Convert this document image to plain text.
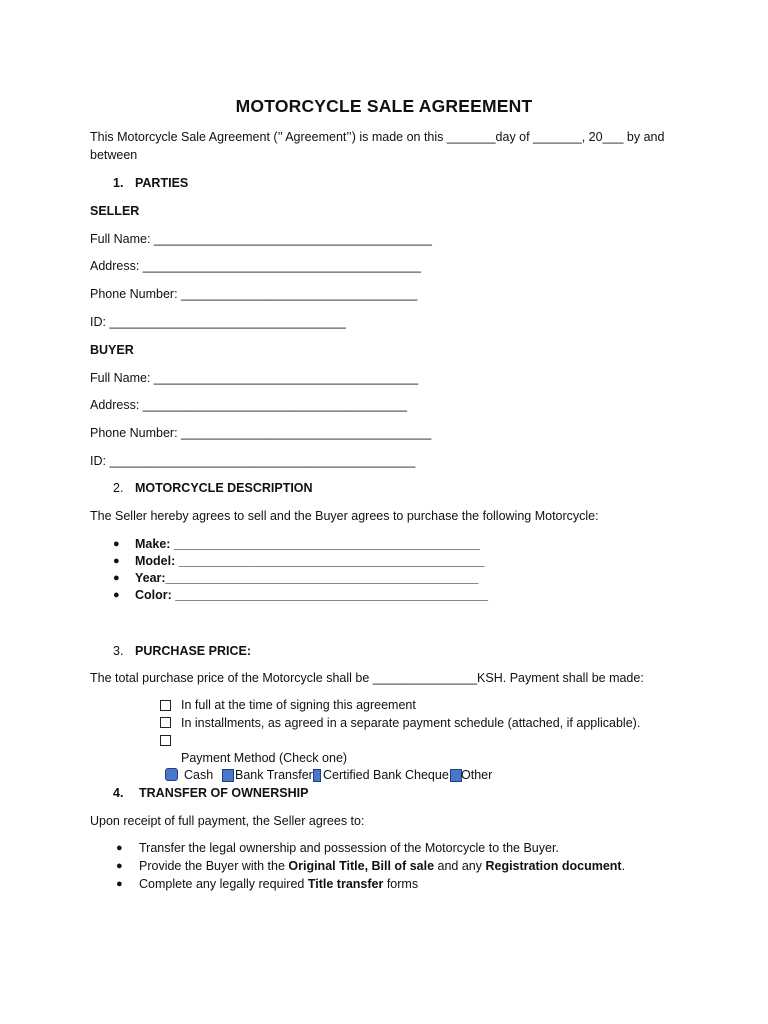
MOTORCYCLE SALE AGREEMENT
This Motorcycle Sale Agreement (’’ Agreement’’) is made on this _______day of _______, 20___ by and
between
1. PARTIES
SELLER
Full Name: ________________________________________
Address: ________________________________________
Phone Number: __________________________________
ID: __________________________________
BUYER
Full Name: ______________________________________
Address: ______________________________________
Phone Number: ____________________________________
ID: ____________________________________________
2. MOTORCYCLE DESCRIPTION
The Seller hereby agrees to sell and the Buyer agrees to purchase the following Motorcycle:
● Make: ____________________________________________
● Model: ____________________________________________
● Year:_____________________________________________
● Color: _____________________________________________
3. PURCHASE PRICE:
The total purchase price of the Motorcycle shall be _______________KSH. Payment shall be made:
In full at the time of signing this agreement
In installments, as agreed in a separate payment schedule (attached, if applicable).
Payment Method (Check one)
Cash Bank Transfer Certified Bank Cheque Other
4. TRANSFER OF OWNERSHIP
Upon receipt of full payment, the Seller agrees to:
● Transfer the legal ownership and possession of the Motorcycle to the Buyer.
● Provide the Buyer with the Original Title, Bill of sale and any Registration document.
● Complete any legally required Title transfer forms
